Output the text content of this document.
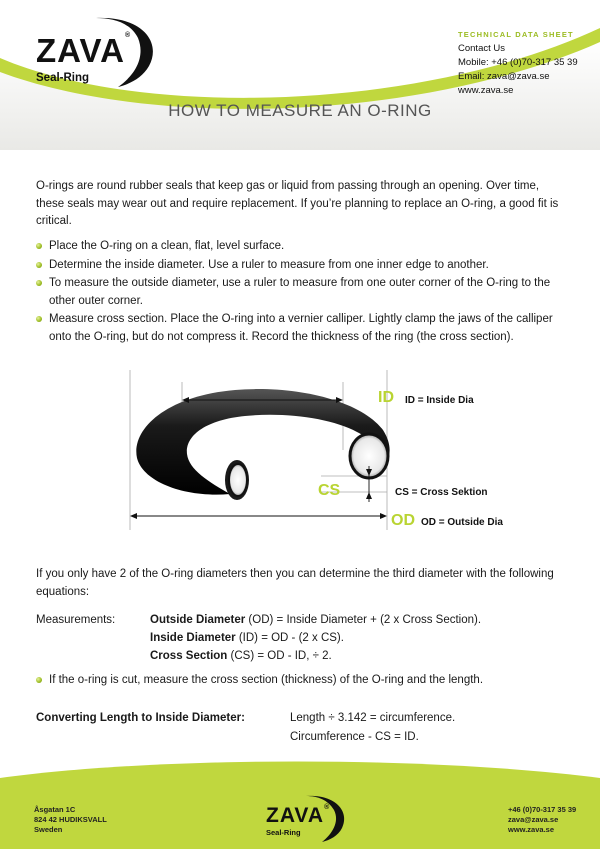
ZAVA®
Seal-Ring
TECHNICAL DATA SHEET
Contact Us
Mobile: +46 (0)70-317 35 39
Email: zava@zava.se
www.zava.se
HOW TO MEASURE AN O-RING
O-rings are round rubber seals that keep gas or liquid from passing through an opening. Over time, these seals may wear out and require replacement. If you’re planning to replace an O-ring, a good fit is critical.
Place the O-ring on a clean, flat, level surface.
Determine the inside diameter. Use a ruler to measure from one inner edge to another.
To measure the outside diameter, use a ruler to measure from one outer corner of the O-ring to the other outer corner.
Measure cross section. Place the O-ring into a vernier calliper. Lightly clamp the jaws of the calliper onto the O-ring, but do not compress it. Record the thickness of the ring (the cross section).
ID ID = Inside Dia
CS	CS = Cross Sektion
OD OD = Outside Dia
If you only have 2 of the O-ring diameters then you can determine the third diameter with the following equations:
Measurements:	Outside Diameter (OD) = Inside Diameter + (2 x Cross Section).
Inside Diameter (ID) = OD - (2 x CS).
Cross Section (CS) = OD - ID, ÷ 2.
If the o-ring is cut, measure the cross section (thickness) of the O-ring and the length.
Converting Length to Inside Diameter:	Length ÷ 3.142 = circumference.
Circumference - CS = ID.
Åsgatan 1C
824 42 HUDIKSVALL
Sweden
ZAVA®
Seal-Ring
+46 (0)70-317 35 39
zava@zava.se
www.zava.se
